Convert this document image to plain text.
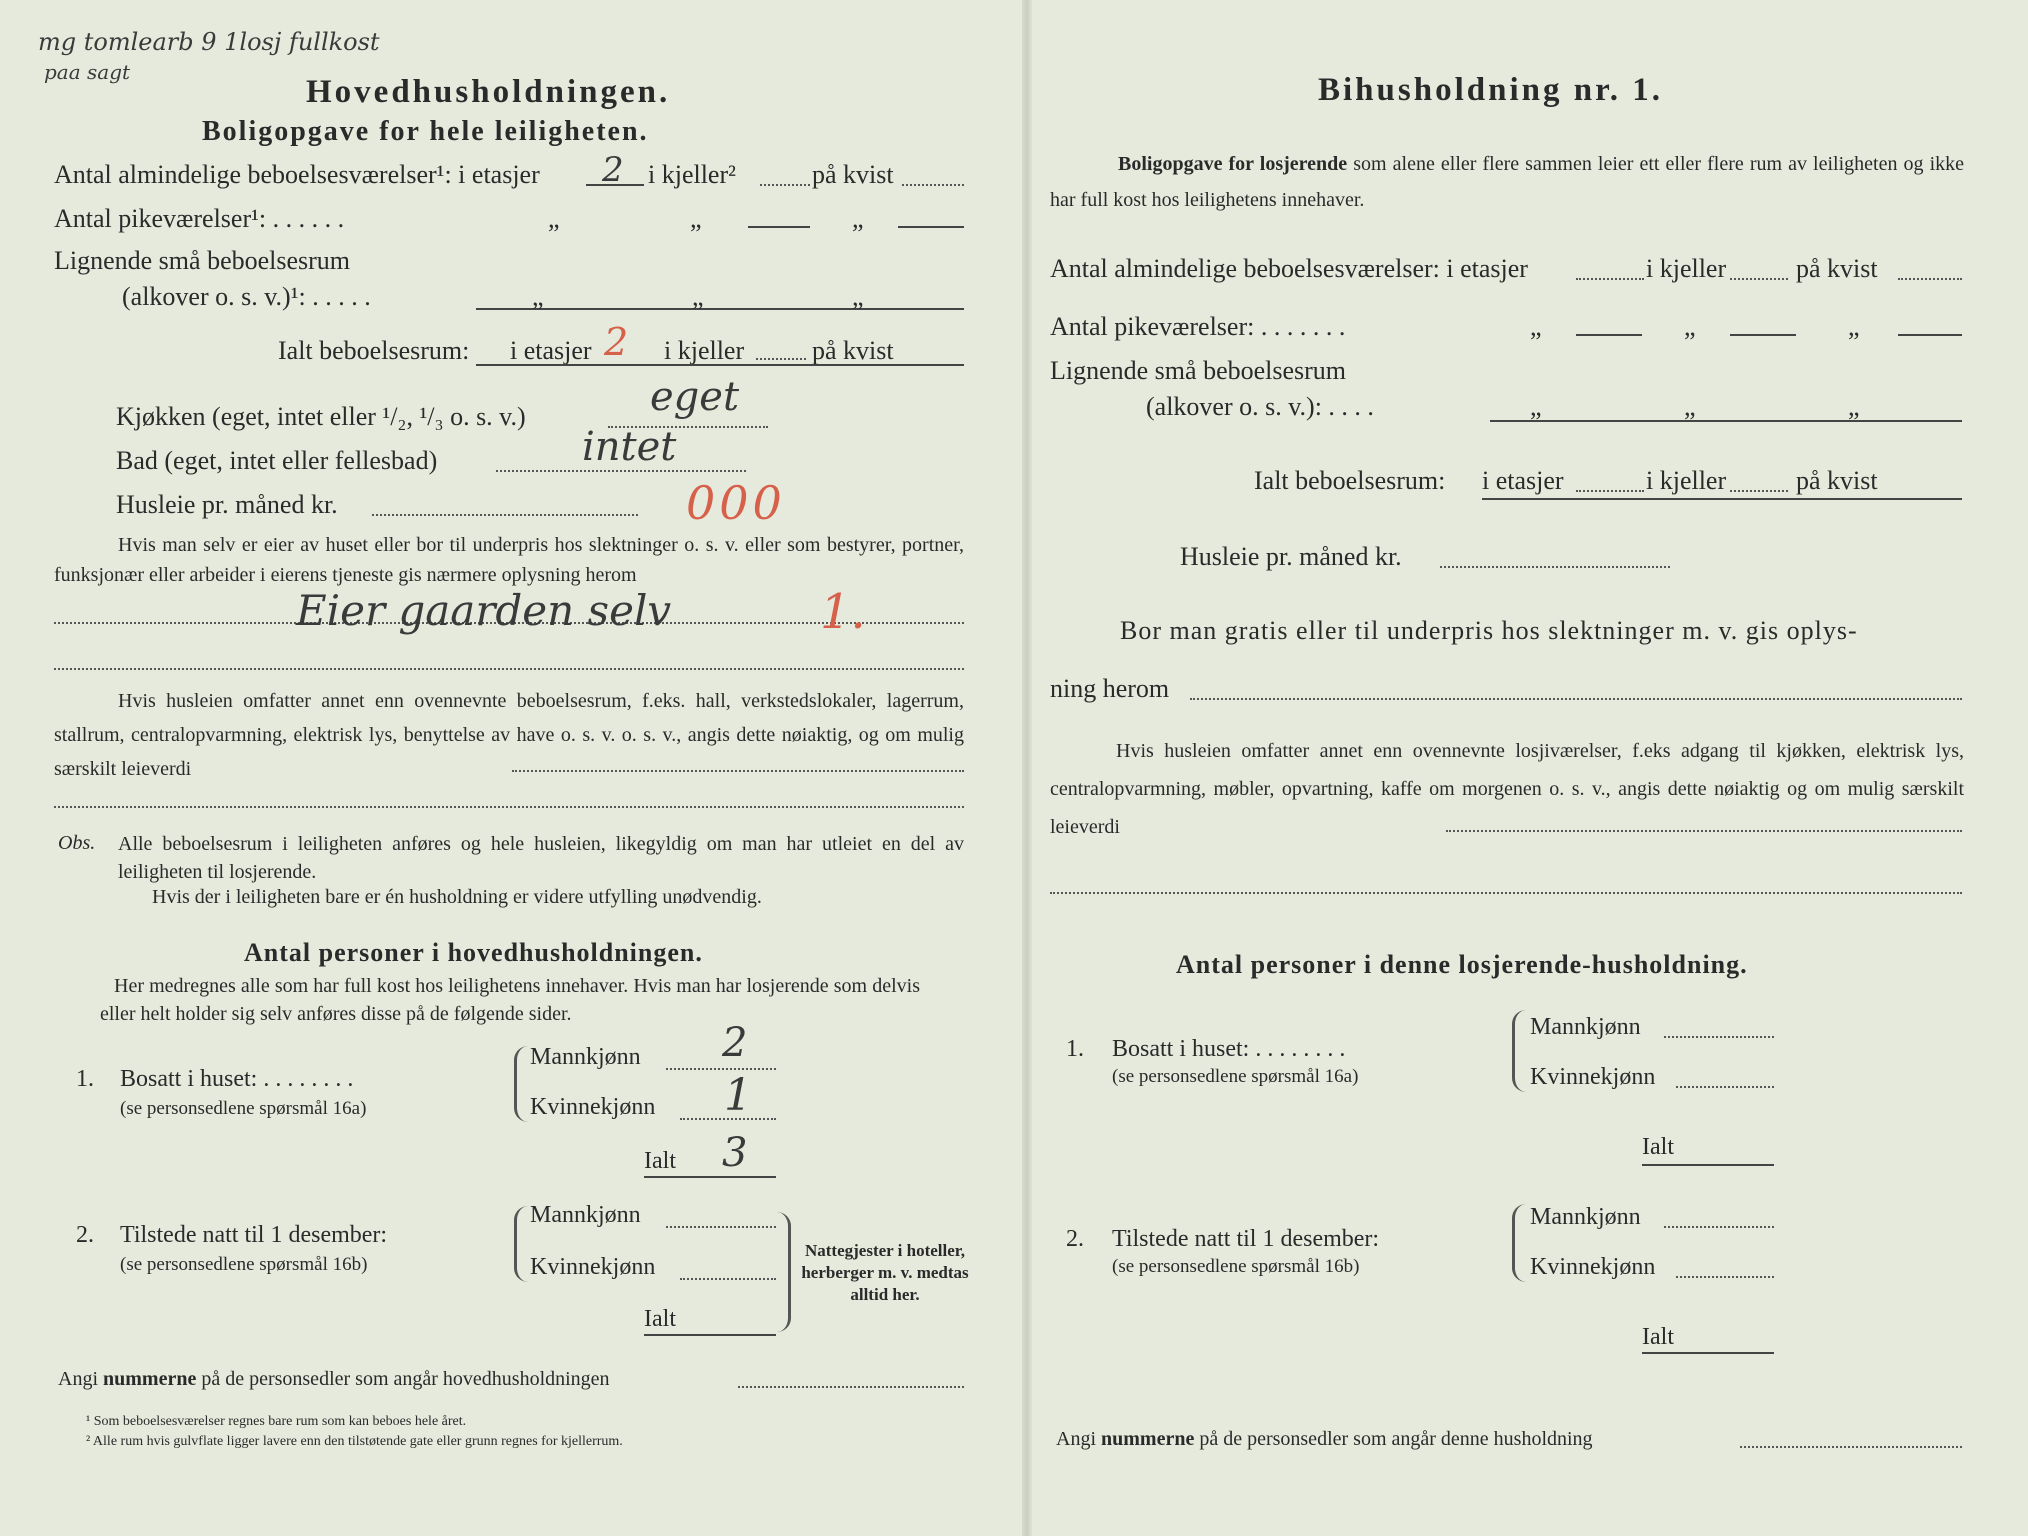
mg tomlearb 9 1losj fullkost
paa sagt
Hovedhusholdningen.
Boligopgave for hele leiligheten.
Antal almindelige beboelsesværelser¹: i etasjer 2 i kjeller²	på kvist
Antal pikeværelser¹: . . . . . .	„	„	„
Lignende små beboelsesrum
(alkover o. s. v.)¹: . . . . .	„	„	„
Ialt beboelsesrum: i etasjer 2 i kjeller	på kvist
Kjøkken (eget, intet eller ¹/₂, ¹/₃ o. s. v.)	eget
Bad (eget, intet eller fellesbad)	intet
Husleie pr. måned kr.	000
Hvis man selv er eier av huset eller bor til underpris hos slektninger o. s. v. eller som bestyrer, portner, funksjonær eller arbeider i eierens tjeneste gis nærmere oplysning herom
Eier gaarden selv	1.
Hvis husleien omfatter annet enn ovennevnte beboelsesrum, f.eks. hall, verkstedslokaler, lagerrum, stallrum, centralopvarmning, elektrisk lys, benyttelse av have o. s. v. o. s. v., angis dette nøiaktig, og om mulig særskilt leieverdi
Obs. Alle beboelsesrum i leiligheten anføres og hele husleien, likegyldig om man har utleiet en del av leiligheten til losjerende.
Hvis der i leiligheten bare er én husholdning er videre utfylling unødvendig.
Antal personer i hovedhusholdningen.
Her medregnes alle som har full kost hos leilighetens innehaver. Hvis man har losjerende som delvis eller helt holder sig selv anføres disse på de følgende sider.
1. Bosatt i huset: . . . . . . . .
(se personsedlene spørsmål 16a)
Mannkjønn 2
Kvinnekjønn 1
Ialt 3
2. Tilstede natt til 1 desember:
(se personsedlene spørsmål 16b)
Mannkjønn
Kvinnekjønn
Ialt
Nattegjester i hoteller, herberger m. v. medtas alltid her.
Angi nummerne på de personsedler som angår hovedhusholdningen
¹ Som beboelsesværelser regnes bare rum som kan beboes hele året.
² Alle rum hvis gulvflate ligger lavere enn den tilstøtende gate eller grunn regnes for kjellerrum.
Bihusholdning nr. 1.
Boligopgave for losjerende som alene eller flere sammen leier ett eller flere rum av leiligheten og ikke har full kost hos leilighetens innehaver.
Antal almindelige beboelsesværelser: i etasjer	i kjeller	på kvist
Antal pikeværelser: . . . . . . .	„	„	„
Lignende små beboelsesrum
(alkover o. s. v.): . . . .	„	„	„
Ialt beboelsesrum: i etasjer	i kjeller	på kvist
Husleie pr. måned kr.
Bor man gratis eller til underpris hos slektninger m. v. gis oplys-
ning herom
Hvis husleien omfatter annet enn ovennevnte losjiværelser, f.eks adgang til kjøkken, elektrisk lys, centralopvarmning, møbler, opvartning, kaffe om morgenen o. s. v., angis dette nøiaktig og om mulig særskilt leieverdi
Antal personer i denne losjerende-husholdning.
1. Bosatt i huset: . . . . . . . .
(se personsedlene spørsmål 16a)
Mannkjønn
Kvinnekjønn
Ialt
2. Tilstede natt til 1 desember:
(se personsedlene spørsmål 16b)
Mannkjønn
Kvinnekjønn
Ialt
Angi nummerne på de personsedler som angår denne husholdning
